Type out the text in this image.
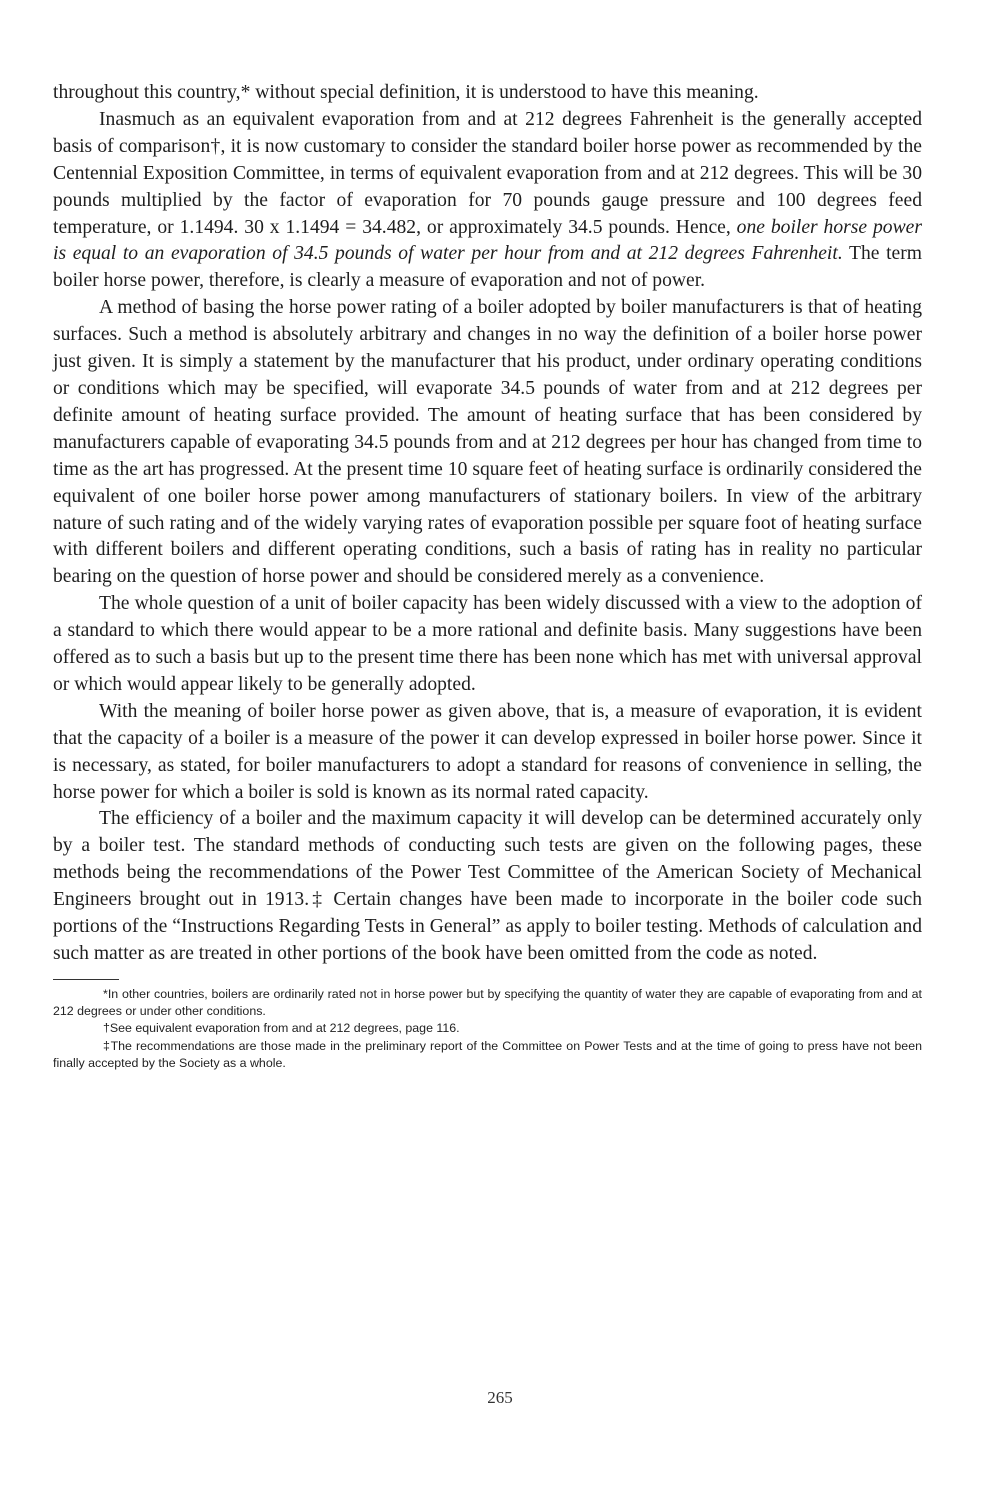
throughout this country,* without special definition, it is understood to have this meaning.

Inasmuch as an equivalent evaporation from and at 212 degrees Fahrenheit is the generally accepted basis of comparison†, it is now customary to consider the standard boiler horse power as recommended by the Centennial Exposition Committee, in terms of equivalent evaporation from and at 212 degrees. This will be 30 pounds multiplied by the factor of evaporation for 70 pounds gauge pressure and 100 degrees feed temperature, or 1.1494. 30 x 1.1494 = 34.482, or approximately 34.5 pounds. Hence, one boiler horse power is equal to an evaporation of 34.5 pounds of water per hour from and at 212 degrees Fahrenheit. The term boiler horse power, therefore, is clearly a measure of evaporation and not of power.

A method of basing the horse power rating of a boiler adopted by boiler manufacturers is that of heating surfaces. Such a method is absolutely arbitrary and changes in no way the definition of a boiler horse power just given. It is simply a statement by the manufacturer that his product, under ordinary operating conditions or conditions which may be specified, will evaporate 34.5 pounds of water from and at 212 degrees per definite amount of heating surface provided. The amount of heating surface that has been considered by manufacturers capable of evaporating 34.5 pounds from and at 212 degrees per hour has changed from time to time as the art has progressed. At the present time 10 square feet of heating surface is ordinarily considered the equivalent of one boiler horse power among manufacturers of stationary boilers. In view of the arbitrary nature of such rating and of the widely varying rates of evaporation possible per square foot of heating surface with different boilers and different operating conditions, such a basis of rating has in reality no particular bearing on the question of horse power and should be considered merely as a convenience.

The whole question of a unit of boiler capacity has been widely discussed with a view to the adoption of a standard to which there would appear to be a more rational and definite basis. Many suggestions have been offered as to such a basis but up to the present time there has been none which has met with universal approval or which would appear likely to be generally adopted.

With the meaning of boiler horse power as given above, that is, a measure of evaporation, it is evident that the capacity of a boiler is a measure of the power it can develop expressed in boiler horse power. Since it is necessary, as stated, for boiler manufacturers to adopt a standard for reasons of convenience in selling, the horse power for which a boiler is sold is known as its normal rated capacity.

The efficiency of a boiler and the maximum capacity it will develop can be determined accurately only by a boiler test. The standard methods of conducting such tests are given on the following pages, these methods being the recommendations of the Power Test Committee of the American Society of Mechanical Engineers brought out in 1913.‡ Certain changes have been made to incorporate in the boiler code such portions of the “Instructions Regarding Tests in General” as apply to boiler testing. Methods of calculation and such matter as are treated in other portions of the book have been omitted from the code as noted.

*In other countries, boilers are ordinarily rated not in horse power but by specifying the quantity of water they are capable of evaporating from and at 212 degrees or under other conditions.

†See equivalent evaporation from and at 212 degrees, page 116.

‡The recommendations are those made in the preliminary report of the Committee on Power Tests and at the time of going to press have not been finally accepted by the Society as a whole.

265
